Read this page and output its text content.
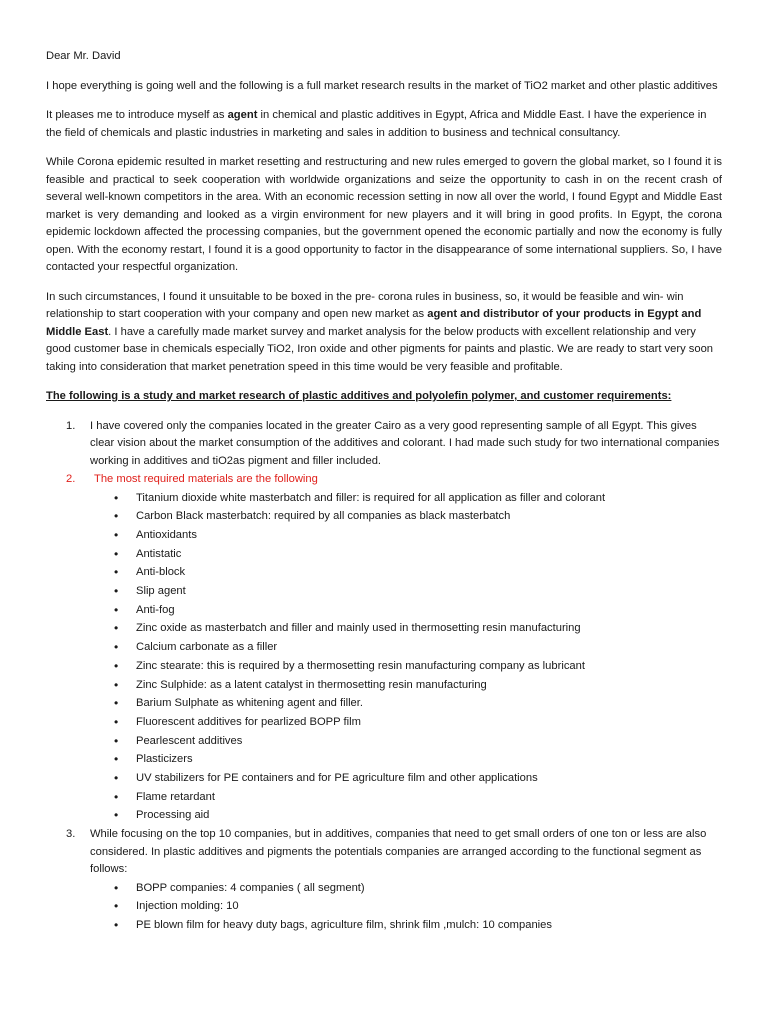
Dear Mr. David

I hope everything is going well and the following is a full market research results in the market of TiO2 market and other plastic additives

It pleases me to introduce myself as agent in chemical and plastic additives in Egypt, Africa and Middle East. I have the experience in the field of chemicals and plastic industries in marketing and sales in addition to business and technical consultancy.

While Corona epidemic resulted in market resetting and restructuring and new rules emerged to govern the global market, so I found it is feasible and practical to seek cooperation with worldwide organizations and seize the opportunity to cash in on the recent crash of several well-known competitors in the area. With an economic recession setting in now all over the world, I found Egypt and Middle East market is very demanding and looked as a virgin environment for new players and it will bring in good profits. In Egypt, the corona epidemic lockdown affected the processing companies, but the government opened the economic partially and now the economy is fully open. With the economy restart, I found it is a good opportunity to factor in the disappearance of some international suppliers. So, I have contacted your respectful organization.

In such circumstances, I found it unsuitable to be boxed in the pre- corona rules in business, so, it would be feasible and win- win relationship to start cooperation with your company and open new market as agent and distributor of your products in Egypt and Middle East. I have a carefully made market survey and market analysis for the below products with excellent relationship and very good customer base in chemicals especially TiO2, Iron oxide and other pigments for paints and plastic. We are ready to start very soon taking into consideration that market penetration speed in this time would be very feasible and profitable.

The following is a study and market research of plastic additives and polyolefin polymer, and customer requirements:

1. I have covered only the companies located in the greater Cairo as a very good representing sample of all Egypt. This gives clear vision about the market consumption of the additives and colorant. I had made such study for two international companies working in additives and tiO2as pigment and filler included.
2. The most required materials are the following
• Titanium dioxide white masterbatch and filler: is required for all application as filler and colorant
• Carbon Black masterbatch: required by all companies as black masterbatch
• Antioxidants
• Antistatic
• Anti-block
• Slip agent
• Anti-fog
• Zinc oxide as masterbatch and filler and mainly used in thermosetting resin manufacturing
• Calcium carbonate as a filler
• Zinc stearate: this is required by a thermosetting resin manufacturing company as lubricant
• Zinc Sulphide: as a latent catalyst in thermosetting resin manufacturing
• Barium Sulphate as whitening agent and filler.
• Fluorescent additives for pearlized BOPP film
• Pearlescent additives
• Plasticizers
• UV stabilizers for PE containers and for PE agriculture film and other applications
• Flame retardant
• Processing aid
3. While focusing on the top 10 companies, but in additives, companies that need to get small orders of one ton or less are also considered. In plastic additives and pigments the potentials companies are arranged according to the functional segment as follows:
• BOPP companies: 4 companies ( all segment)
• Injection molding: 10
• PE blown film for heavy duty bags, agriculture film, shrink film ,mulch: 10 companies
